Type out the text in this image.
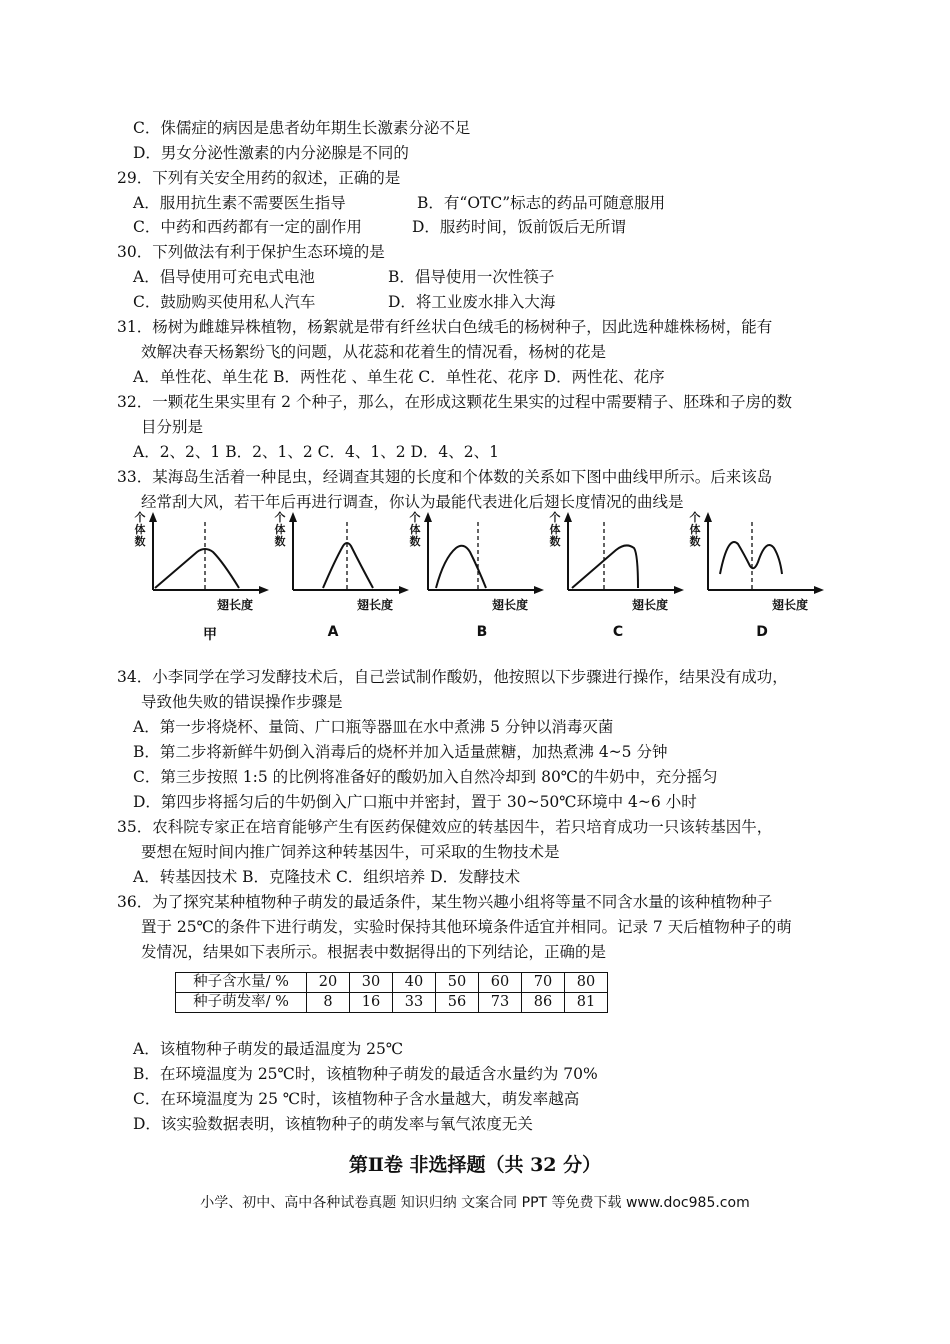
C．侏儒症的病因是患者幼年期生长激素分泌不足
D．男女分泌性激素的内分泌腺是不同的
29．下列有关安全用药的叙述，正确的是
A．服用抗生素不需要医生指导	B．有“OTC”标志的药品可随意服用
C．中药和西药都有一定的副作用	D．服药时间，饭前饭后无所谓
30．下列做法有利于保护生态环境的是
A．倡导使用可充电式电池	B．倡导使用一次性筷子
C．鼓励购买使用私人汽车	D．将工业废水排入大海
31．杨树为雌雄异株植物，杨絮就是带有纤丝状白色绒毛的杨树种子，因此选种雄株杨树，能有
效解决春天杨絮纷飞的问题，从花蕊和花着生的情况看，杨树的花是
A．单性花、单生花 B．两性花 、单生花 C．单性花、花序 D．两性花、花序
32．一颗花生果实里有 2 个种子，那么，在形成这颗花生果实的过程中需要精子、胚珠和子房的数
目分别是
A．2、2、1 B．2、1、2 C．4、1、2 D．4、2、1
33．某海岛生活着一种昆虫，经调查其翅的长度和个体数的关系如下图中曲线甲所示。后来该岛
经常刮大风，若干年后再进行调查，你认为最能代表进化后翅长度情况的曲线是
个体数
翅长度
甲
个体数
翅长度
A
个体数
翅长度
B
个体数
翅长度
C
个体数
翅长度
D
34．小李同学在学习发酵技术后，自己尝试制作酸奶，他按照以下步骤进行操作，结果没有成功，
导致他失败的错误操作步骤是
A．第一步将烧杯、量筒、广口瓶等器皿在水中煮沸 5 分钟以消毒灭菌
B．第二步将新鲜牛奶倒入消毒后的烧杯并加入适量蔗糖，加热煮沸 4~5 分钟
C．第三步按照 1:5 的比例将准备好的酸奶加入自然冷却到 80℃的牛奶中，充分摇匀
D．第四步将摇匀后的牛奶倒入广口瓶中并密封，置于 30~50℃环境中 4~6 小时
35．农科院专家正在培育能够产生有医药保健效应的转基因牛，若只培育成功一只该转基因牛，
要想在短时间内推广饲养这种转基因牛，可采取的生物技术是
A．转基因技术 B．克隆技术 C．组织培养 D．发酵技术
36．为了探究某种植物种子萌发的最适条件，某生物兴趣小组将等量不同含水量的该种植物种子
置于 25℃的条件下进行萌发，实验时保持其他环境条件适宜并相同。记录 7 天后植物种子的萌
发情况，结果如下表所示。根据表中数据得出的下列结论，正确的是
种子含水量/ %	20	30	40	50	60	70	80
种子萌发率/ %	8	16	33	56	73	86	81
A．该植物种子萌发的最适温度为 25℃
B．在环境温度为 25℃时，该植物种子萌发的最适含水量约为 70%
C．在环境温度为 25 ℃时，该植物种子含水量越大，萌发率越高
D．该实验数据表明，该植物种子的萌发率与氧气浓度无关
第Ⅱ卷 非选择题（共 32 分）
小学、初中、高中各种试卷真题 知识归纳 文案合同 PPT 等免费下载 www.doc985.com
